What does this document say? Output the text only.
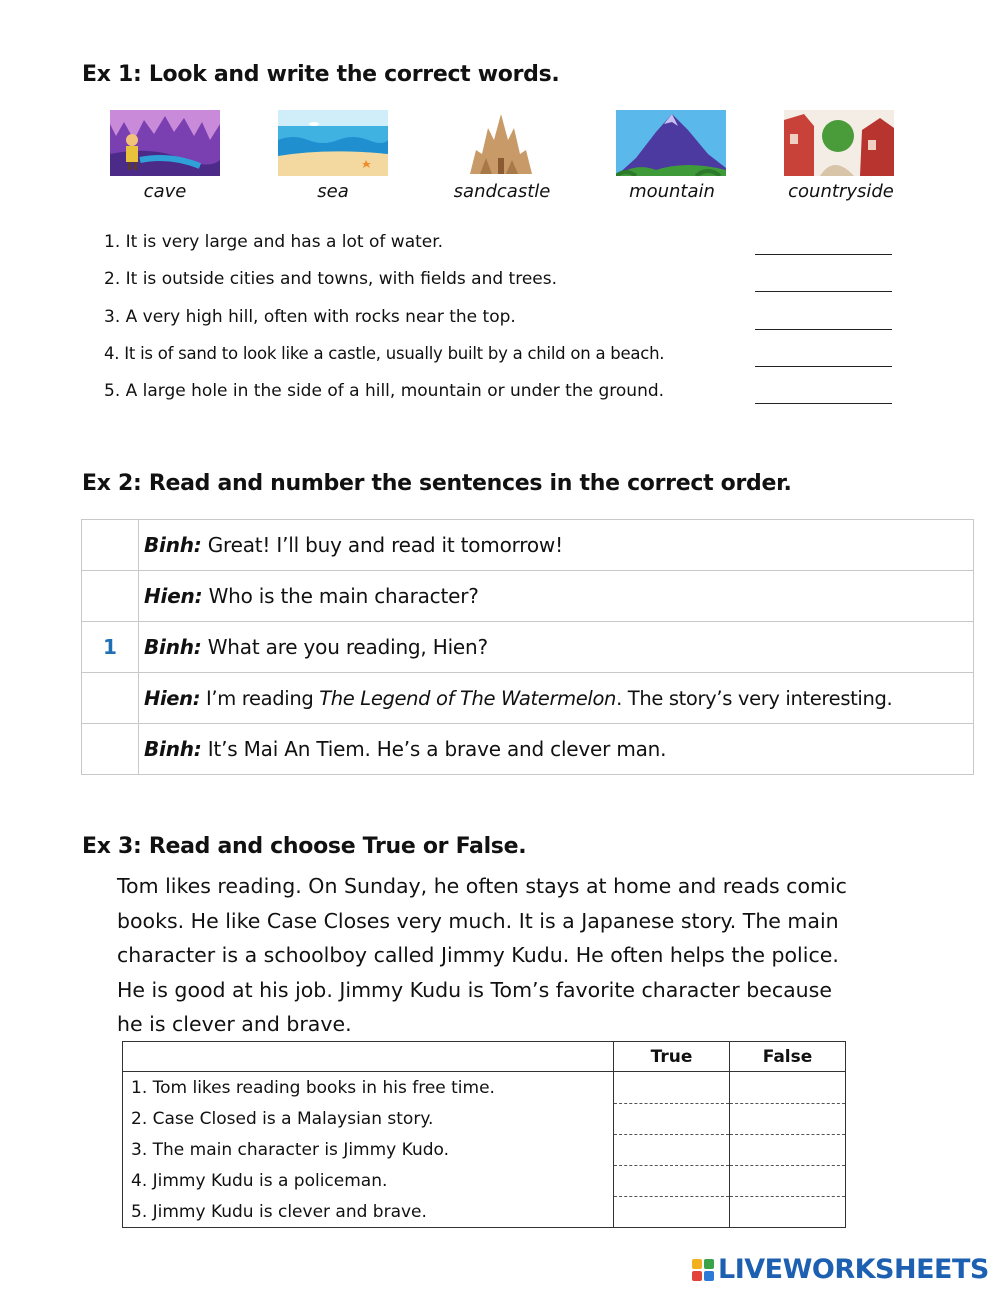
Ex 1: Look and write the correct words.
cave	sea	sandcastle	mountain	countryside
1. It is very large and has a lot of water.
2. It is outside cities and towns, with fields and trees.
3. A very high hill, often with rocks near the top.
4. It is of sand to look like a castle, usually built by a child on a beach.
5. A large hole in the side of a hill, mountain or under the ground.
Ex 2: Read and number the sentences in the correct order.
	Binh: Great! I’ll buy and read it tomorrow!
	Hien: Who is the main character?
1	Binh: What are you reading, Hien?
	Hien: I’m reading The Legend of The Watermelon. The story’s very interesting.
	Binh: It’s Mai An Tiem. He’s a brave and clever man.
Ex 3: Read and choose True or False.

Tom likes reading. On Sunday, he often stays at home and reads comic

books. He like Case Closes very much. It is a Japanese story. The main

character is a schoolboy called Jimmy Kudu. He often helps the police.

He is good at his job. Jimmy Kudu is Tom’s favorite character because

he is clever and brave.

	True	False
1. Tom likes reading books in his free time.		
2. Case Closed is a Malaysian story.		
3. The main character is Jimmy Kudo.		
4. Jimmy Kudu is a policeman.		
5. Jimmy Kudu is clever and brave.		
LIVEWORKSHEETS
